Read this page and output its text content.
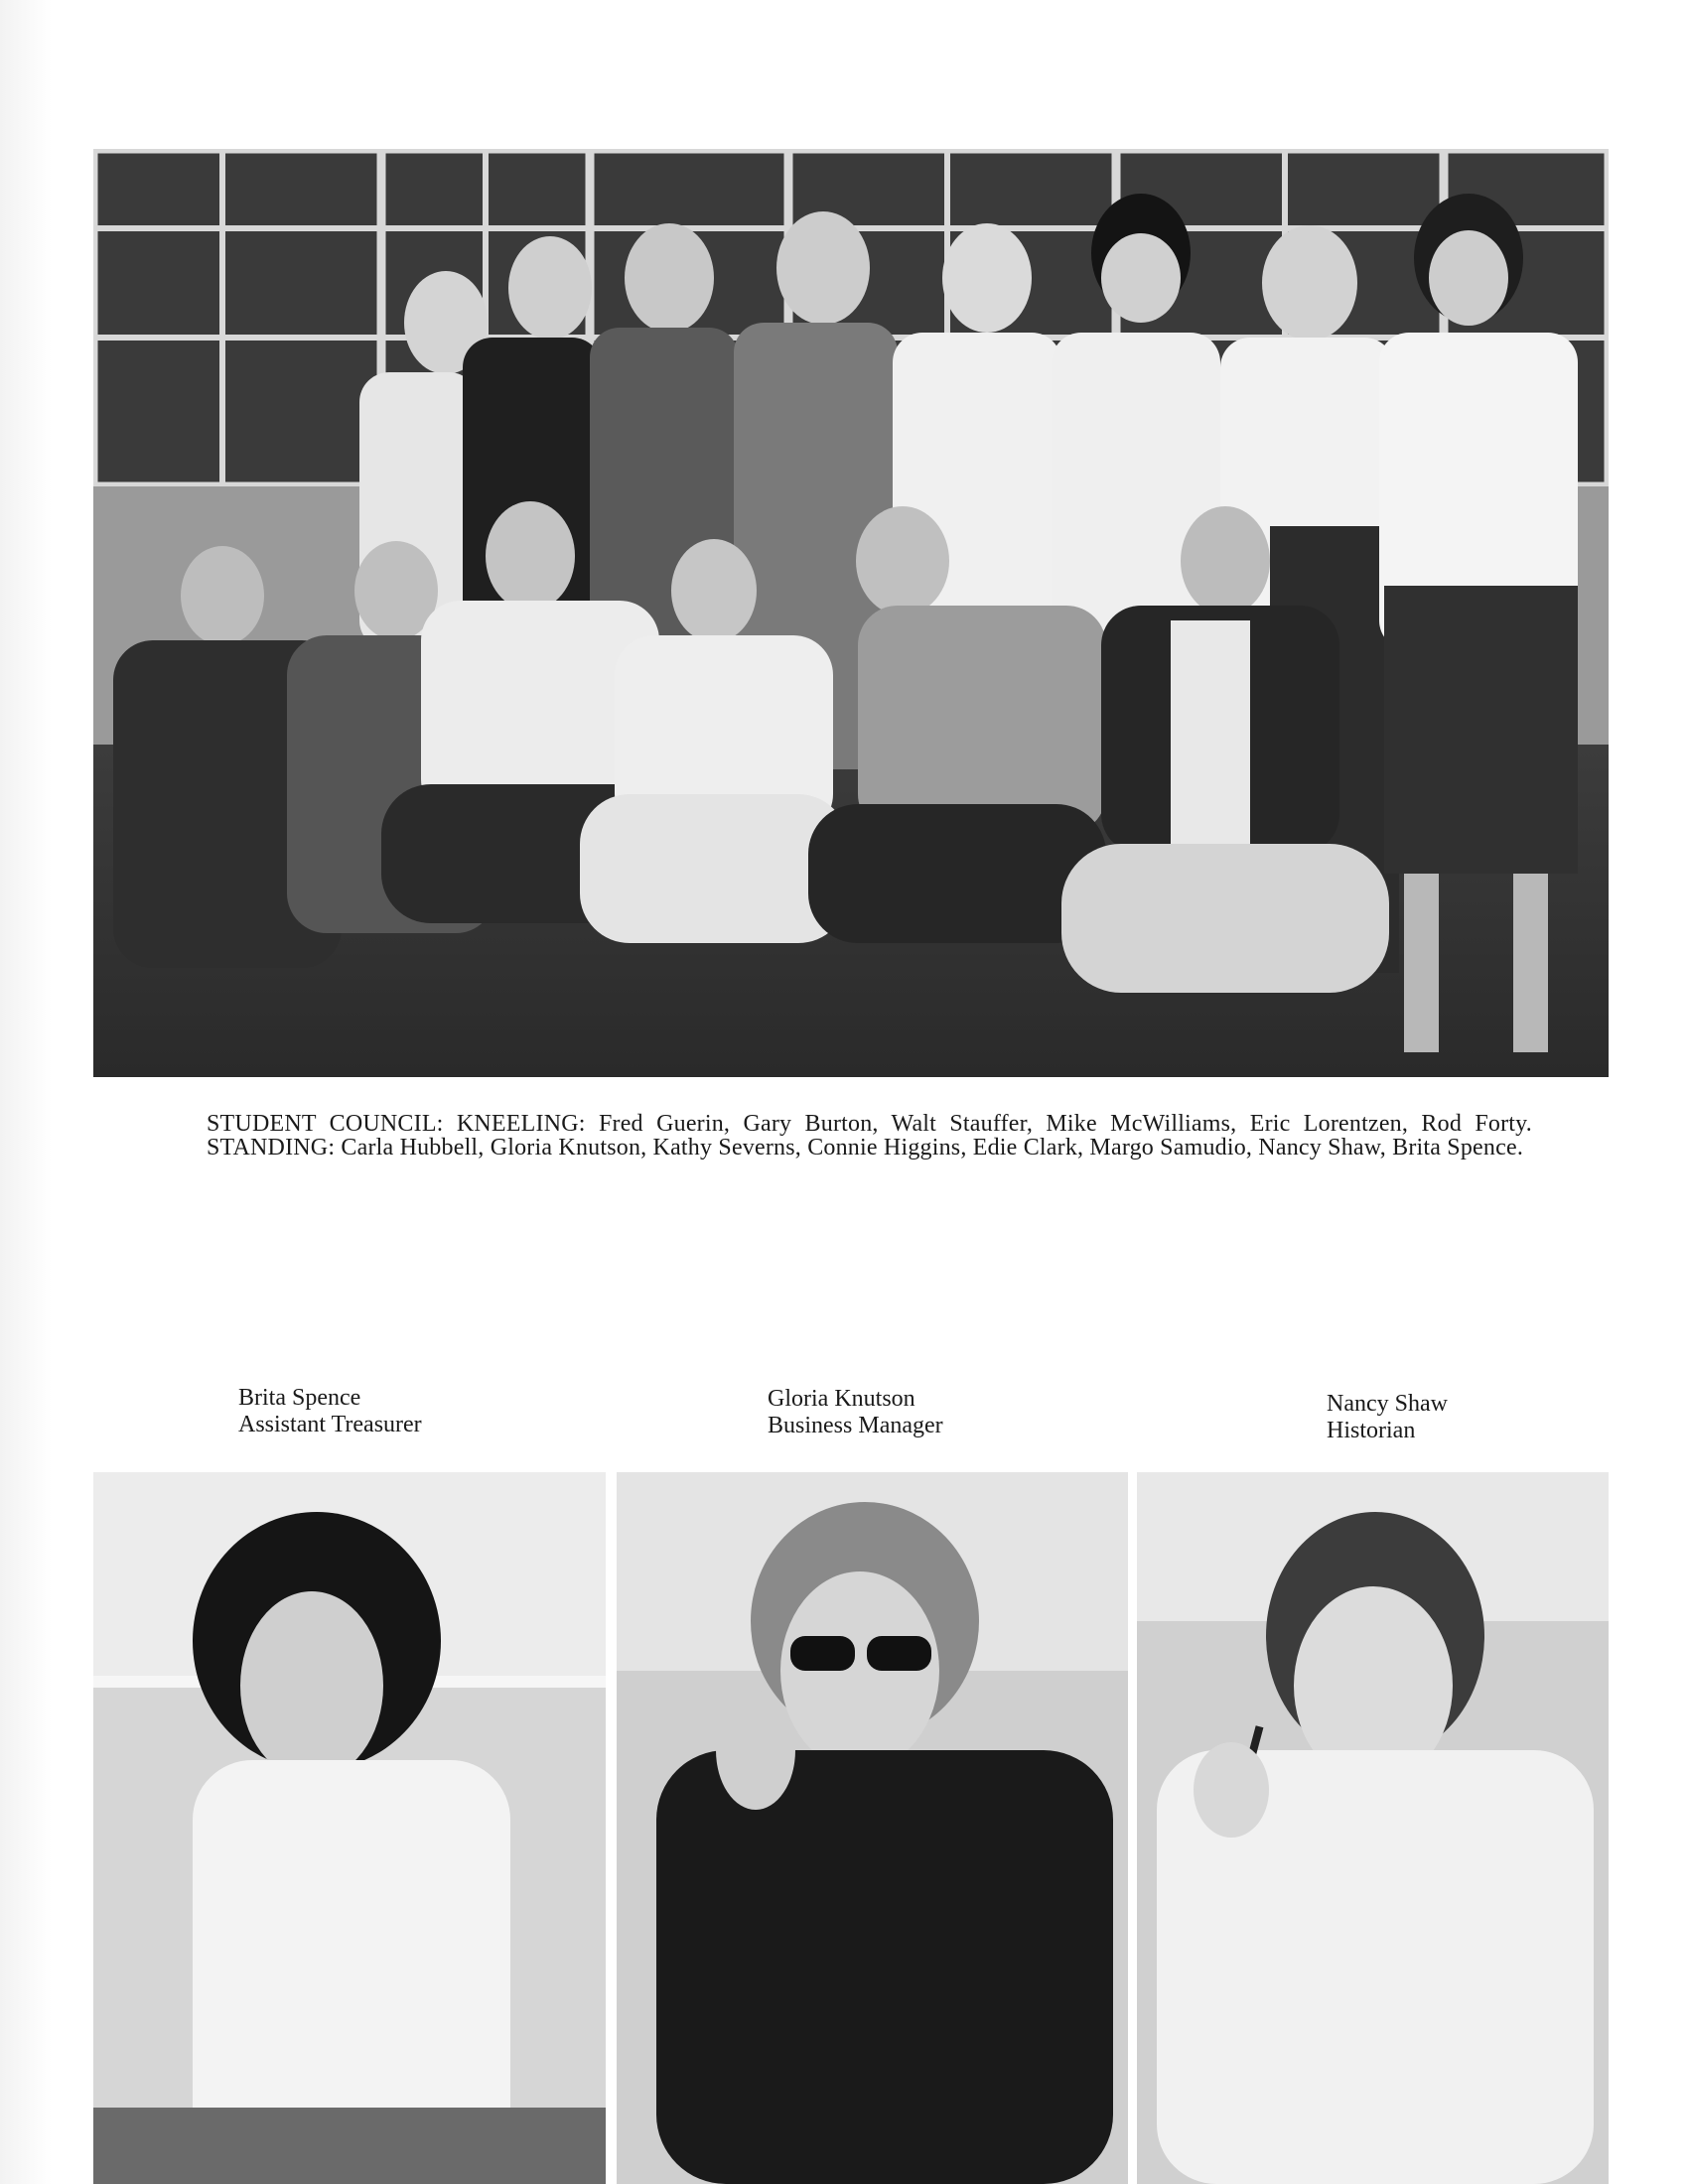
STUDENT COUNCIL: KNEELING: Fred Guerin, Gary Burton, Walt Stauffer, Mike McWilliams, Eric Lorentzen, Rod Forty. STANDING: Carla Hubbell, Gloria Knutson, Kathy Severns, Connie Higgins, Edie Clark, Margo Samudio, Nancy Shaw, Brita Spence.
Brita Spence
Assistant Treasurer
Gloria Knutson
Business Manager
Nancy Shaw
Historian
